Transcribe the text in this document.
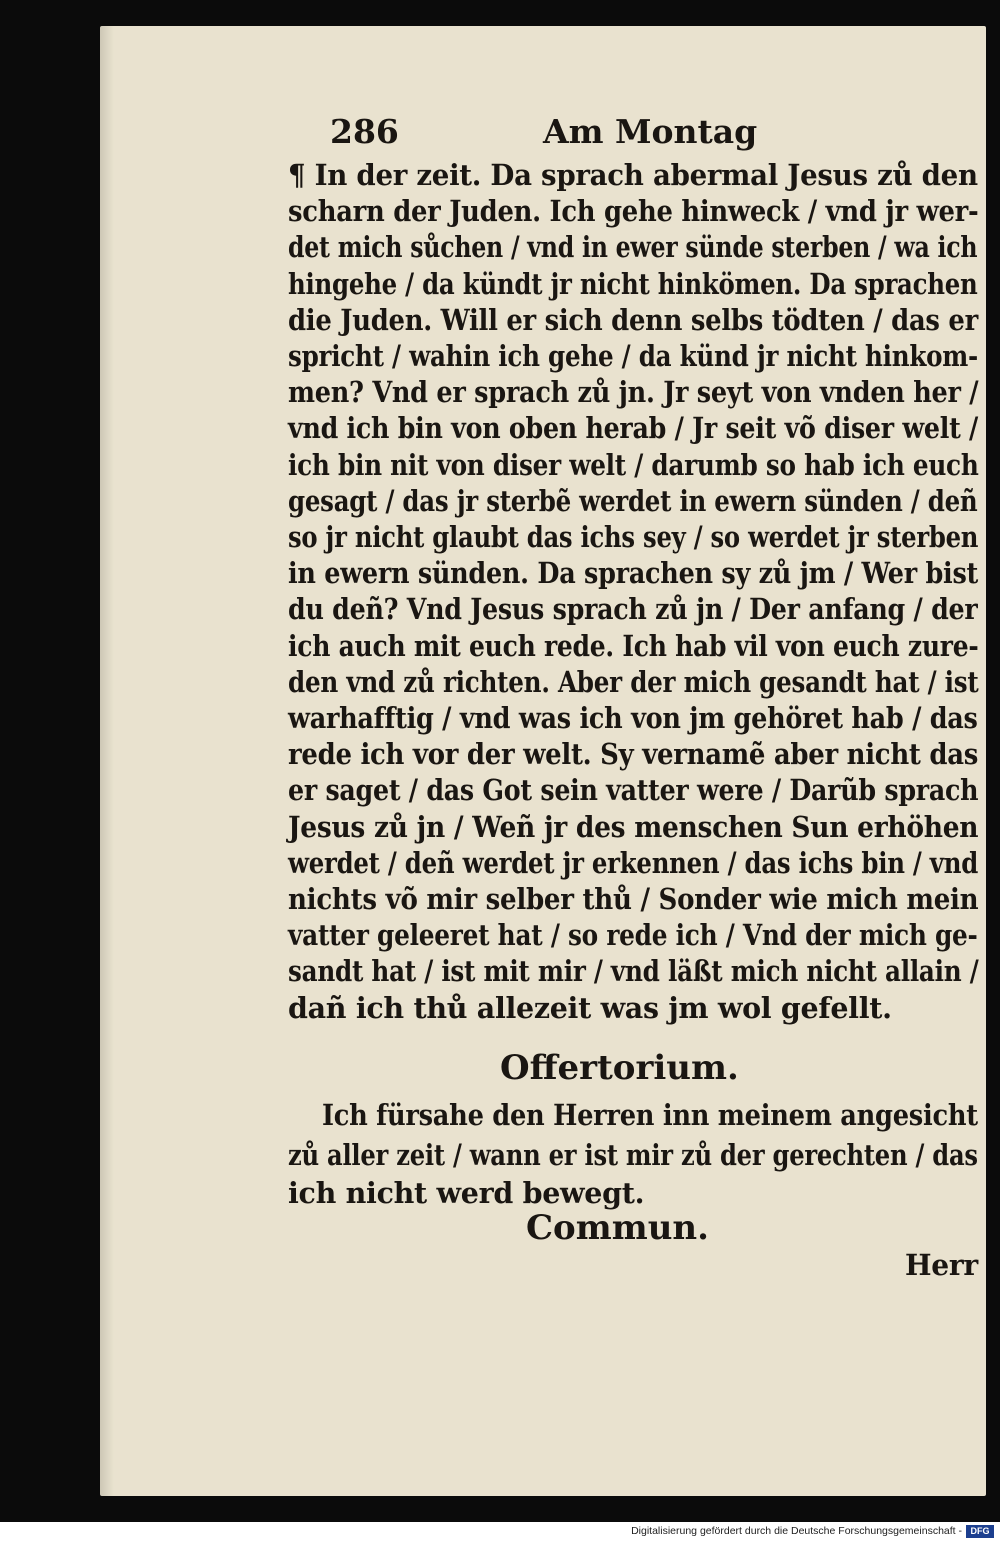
286	Am Montag
¶ In der zeit. Da sprach abermal Jesus zů den
scharn der Juden. Ich gehe hinweck / vnd jr wer-
det mich sůchen / vnd in ewer sünde sterben / wa ich
hingehe / da kündt jr nicht hinkömen. Da sprachen
die Juden. Will er sich denn selbs tödten / das er
spricht / wahin ich gehe / da künd jr nicht hinkom-
men? Vnd er sprach zů jn. Jr seyt von vnden her /
vnd ich bin von oben herab / Jr seit võ diser welt /
ich bin nit von diser welt / darumb so hab ich euch
gesagt / das jr sterbẽ werdet in ewern sünden / deñ
so jr nicht glaubt das ichs sey / so werdet jr sterben
in ewern sünden. Da sprachen sy zů jm / Wer bist
du deñ? Vnd Jesus sprach zů jn / Der anfang / der
ich auch mit euch rede. Ich hab vil von euch zure-
den vnd zů richten. Aber der mich gesandt hat / ist
warhafftig / vnd was ich von jm gehöret hab / das
rede ich vor der welt. Sy vernamẽ aber nicht das
er saget / das Got sein vatter were / Darũb sprach
Jesus zů jn / Weñ jr des menschen Sun erhöhen
werdet / deñ werdet jr erkennen / das ichs bin / vnd
nichts võ mir selber thů / Sonder wie mich mein
vatter geleeret hat / so rede ich / Vnd der mich ge-
sandt hat / ist mit mir / vnd läßt mich nicht allain /
dañ ich thů allezeit was jm wol gefellt.
Offertorium.
Ich fürsahe den Herren inn meinem angesicht
zů aller zeit / wann er ist mir zů der gerechten / das
ich nicht werd bewegt.
Commun.
Herr
Digitalisierung gefördert durch die Deutsche Forschungsgemeinschaft - DFG
